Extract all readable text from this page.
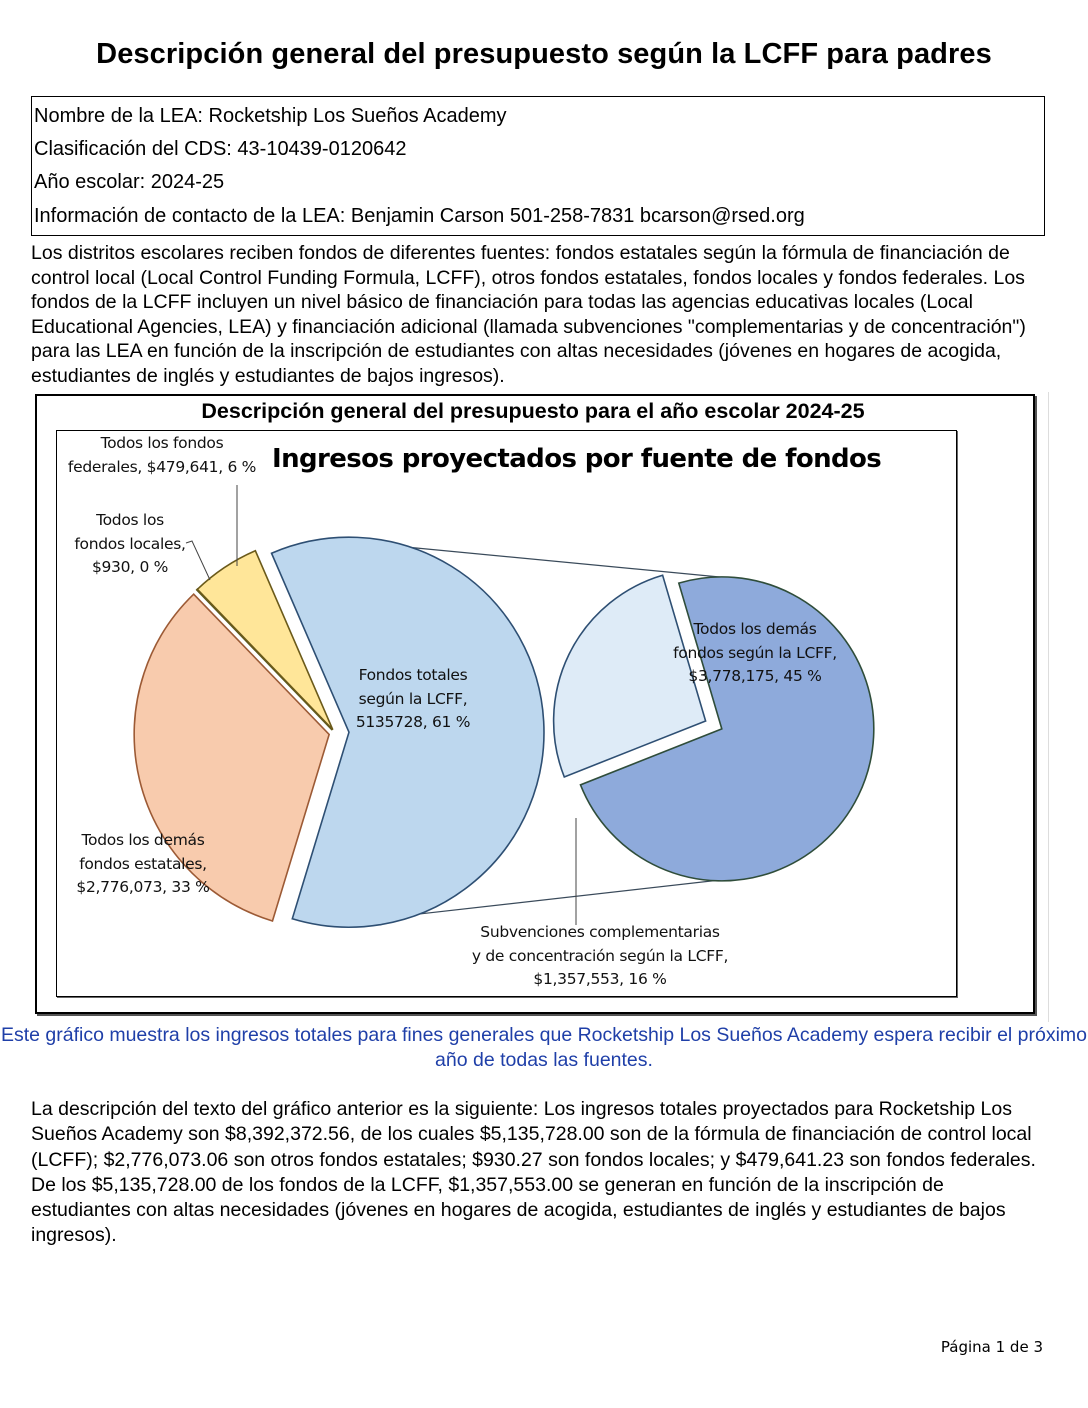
Descripción general del presupuesto según la LCFF para padres
Nombre de la LEA: Rocketship Los Sueños Academy
Clasificación del CDS: 43-10439-0120642
Año escolar: 2024-25
Información de contacto de la LEA: Benjamin Carson 501-258-7831 bcarson@rsed.org
Los distritos escolares reciben fondos de diferentes fuentes: fondos estatales según la fórmula de financiación de control local (Local Control Funding Formula, LCFF), otros fondos estatales, fondos locales y fondos federales. Los fondos de la LCFF incluyen un nivel básico de financiación para todas las agencias educativas locales (Local Educational Agencies, LEA) y financiación adicional (llamada subvenciones "complementarias y de concentración") para las LEA en función de la inscripción de estudiantes con altas necesidades (jóvenes en hogares de acogida, estudiantes de inglés y estudiantes de bajos ingresos).
Descripción general del presupuesto para el año escolar 2024-25
Ingresos proyectados por fuente de fondos
Todos los fondos
federales, $479,641, 6 %
Todos los
fondos locales,
$930, 0 %
Fondos totales
según la LCFF,
5135728, 61 %
Todos los demás
fondos estatales,
$2,776,073, 33 %
Todos los demás
fondos según la LCFF,
$3,778,175, 45 %
Subvenciones complementarias
y de concentración según la LCFF,
$1,357,553, 16 %
Este gráfico muestra los ingresos totales para fines generales que Rocketship Los Sueños Academy espera recibir el próximo año de todas las fuentes.
La descripción del texto del gráfico anterior es la siguiente: Los ingresos totales proyectados para Rocketship Los Sueños Academy son $8,392,372.56, de los cuales $5,135,728.00 son de la fórmula de financiación de control local (LCFF); $2,776,073.06 son otros fondos estatales; $930.27 son fondos locales; y $479,641.23 son fondos federales. De los $5,135,728.00 de los fondos de la LCFF, $1,357,553.00 se generan en función de la inscripción de estudiantes con altas necesidades (jóvenes en hogares de acogida, estudiantes de inglés y estudiantes de bajos ingresos).
Página 1 de 3
